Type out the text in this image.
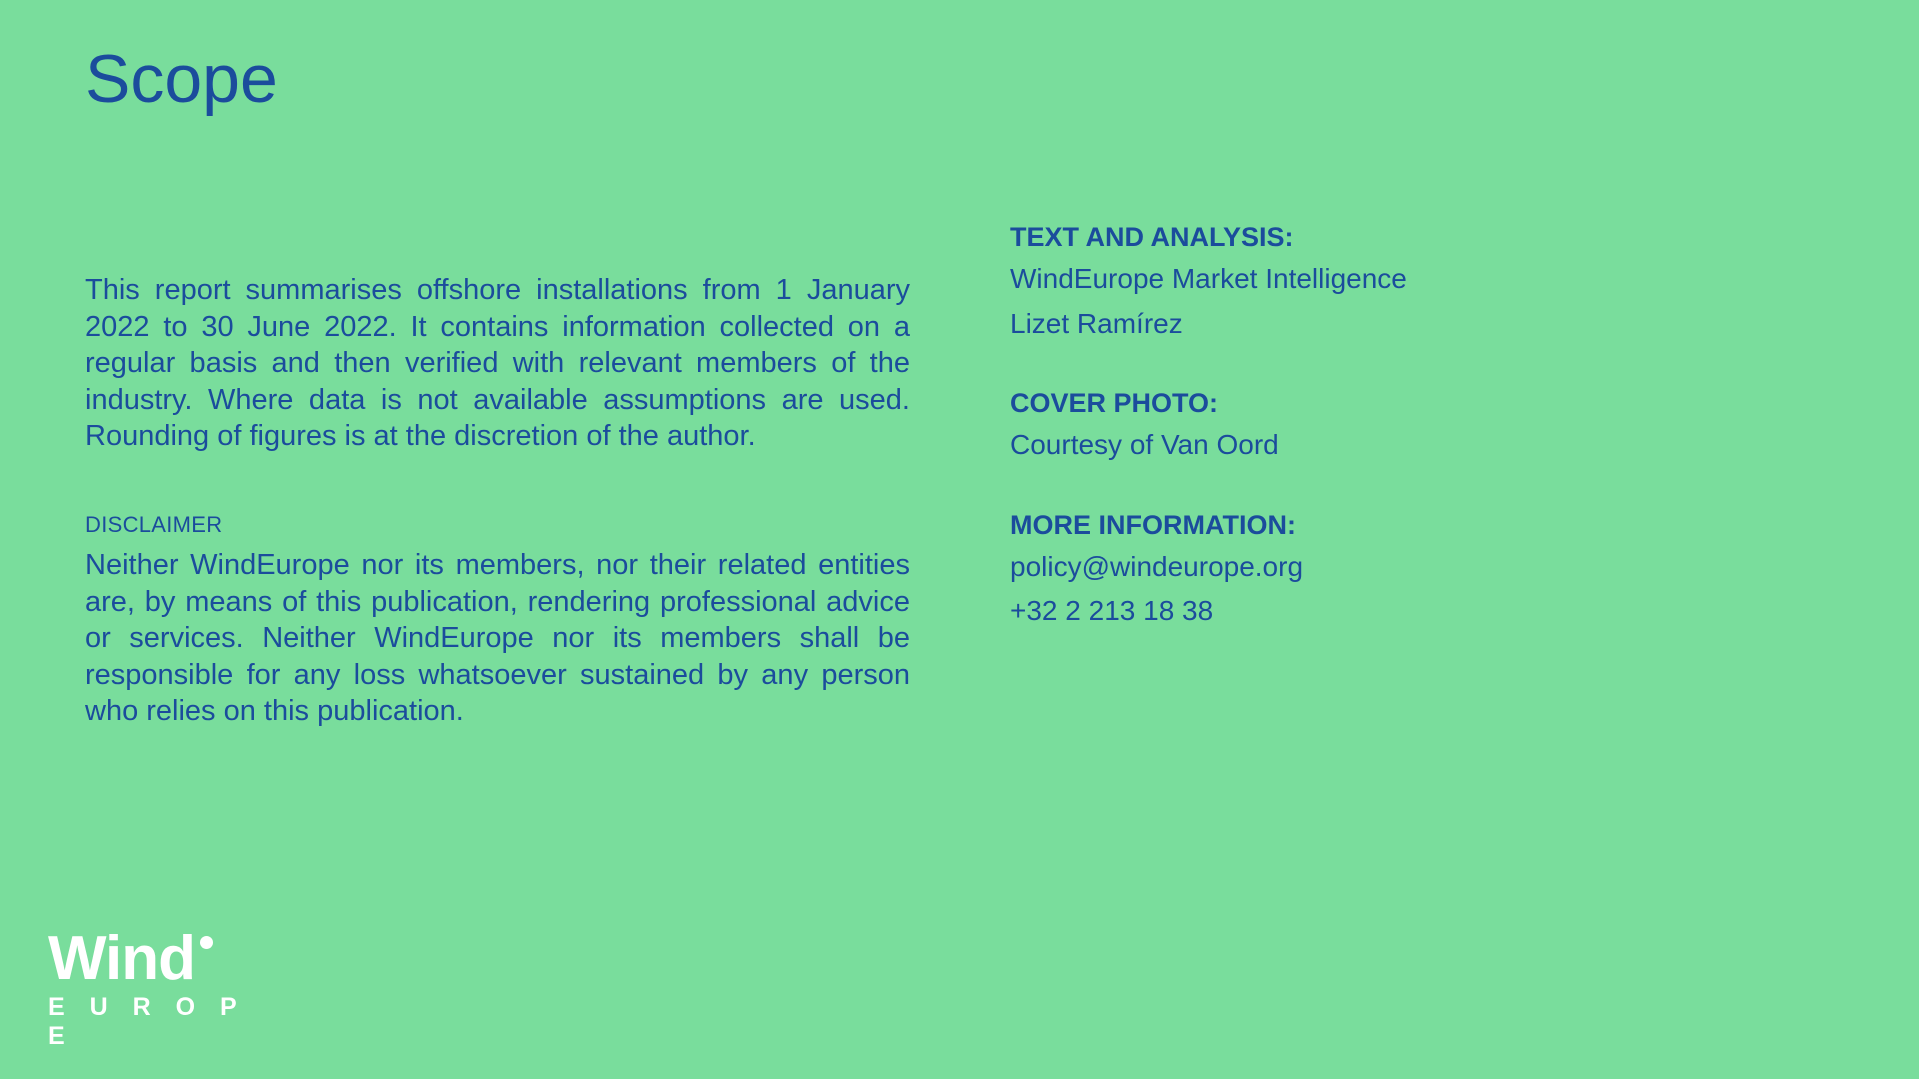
Scope

This report summarises offshore installations from 1 January 2022 to 30 June 2022. It contains information collected on a regular basis and then verified with relevant members of the industry. Where data is not available assumptions are used. Rounding of figures is at the discretion of the author.

DISCLAIMER

Neither WindEurope nor its members, nor their related entities are, by means of this publication, rendering professional advice or services. Neither WindEurope nor its members shall be responsible for any loss whatsoever sustained by any person who relies on this publication.

TEXT AND ANALYSIS:
WindEurope Market Intelligence
Lizet Ramírez
COVER PHOTO:
Courtesy of Van Oord
MORE INFORMATION:
policy@windeurope.org
+32 2 213 18 38
Wind
E U R O P E
